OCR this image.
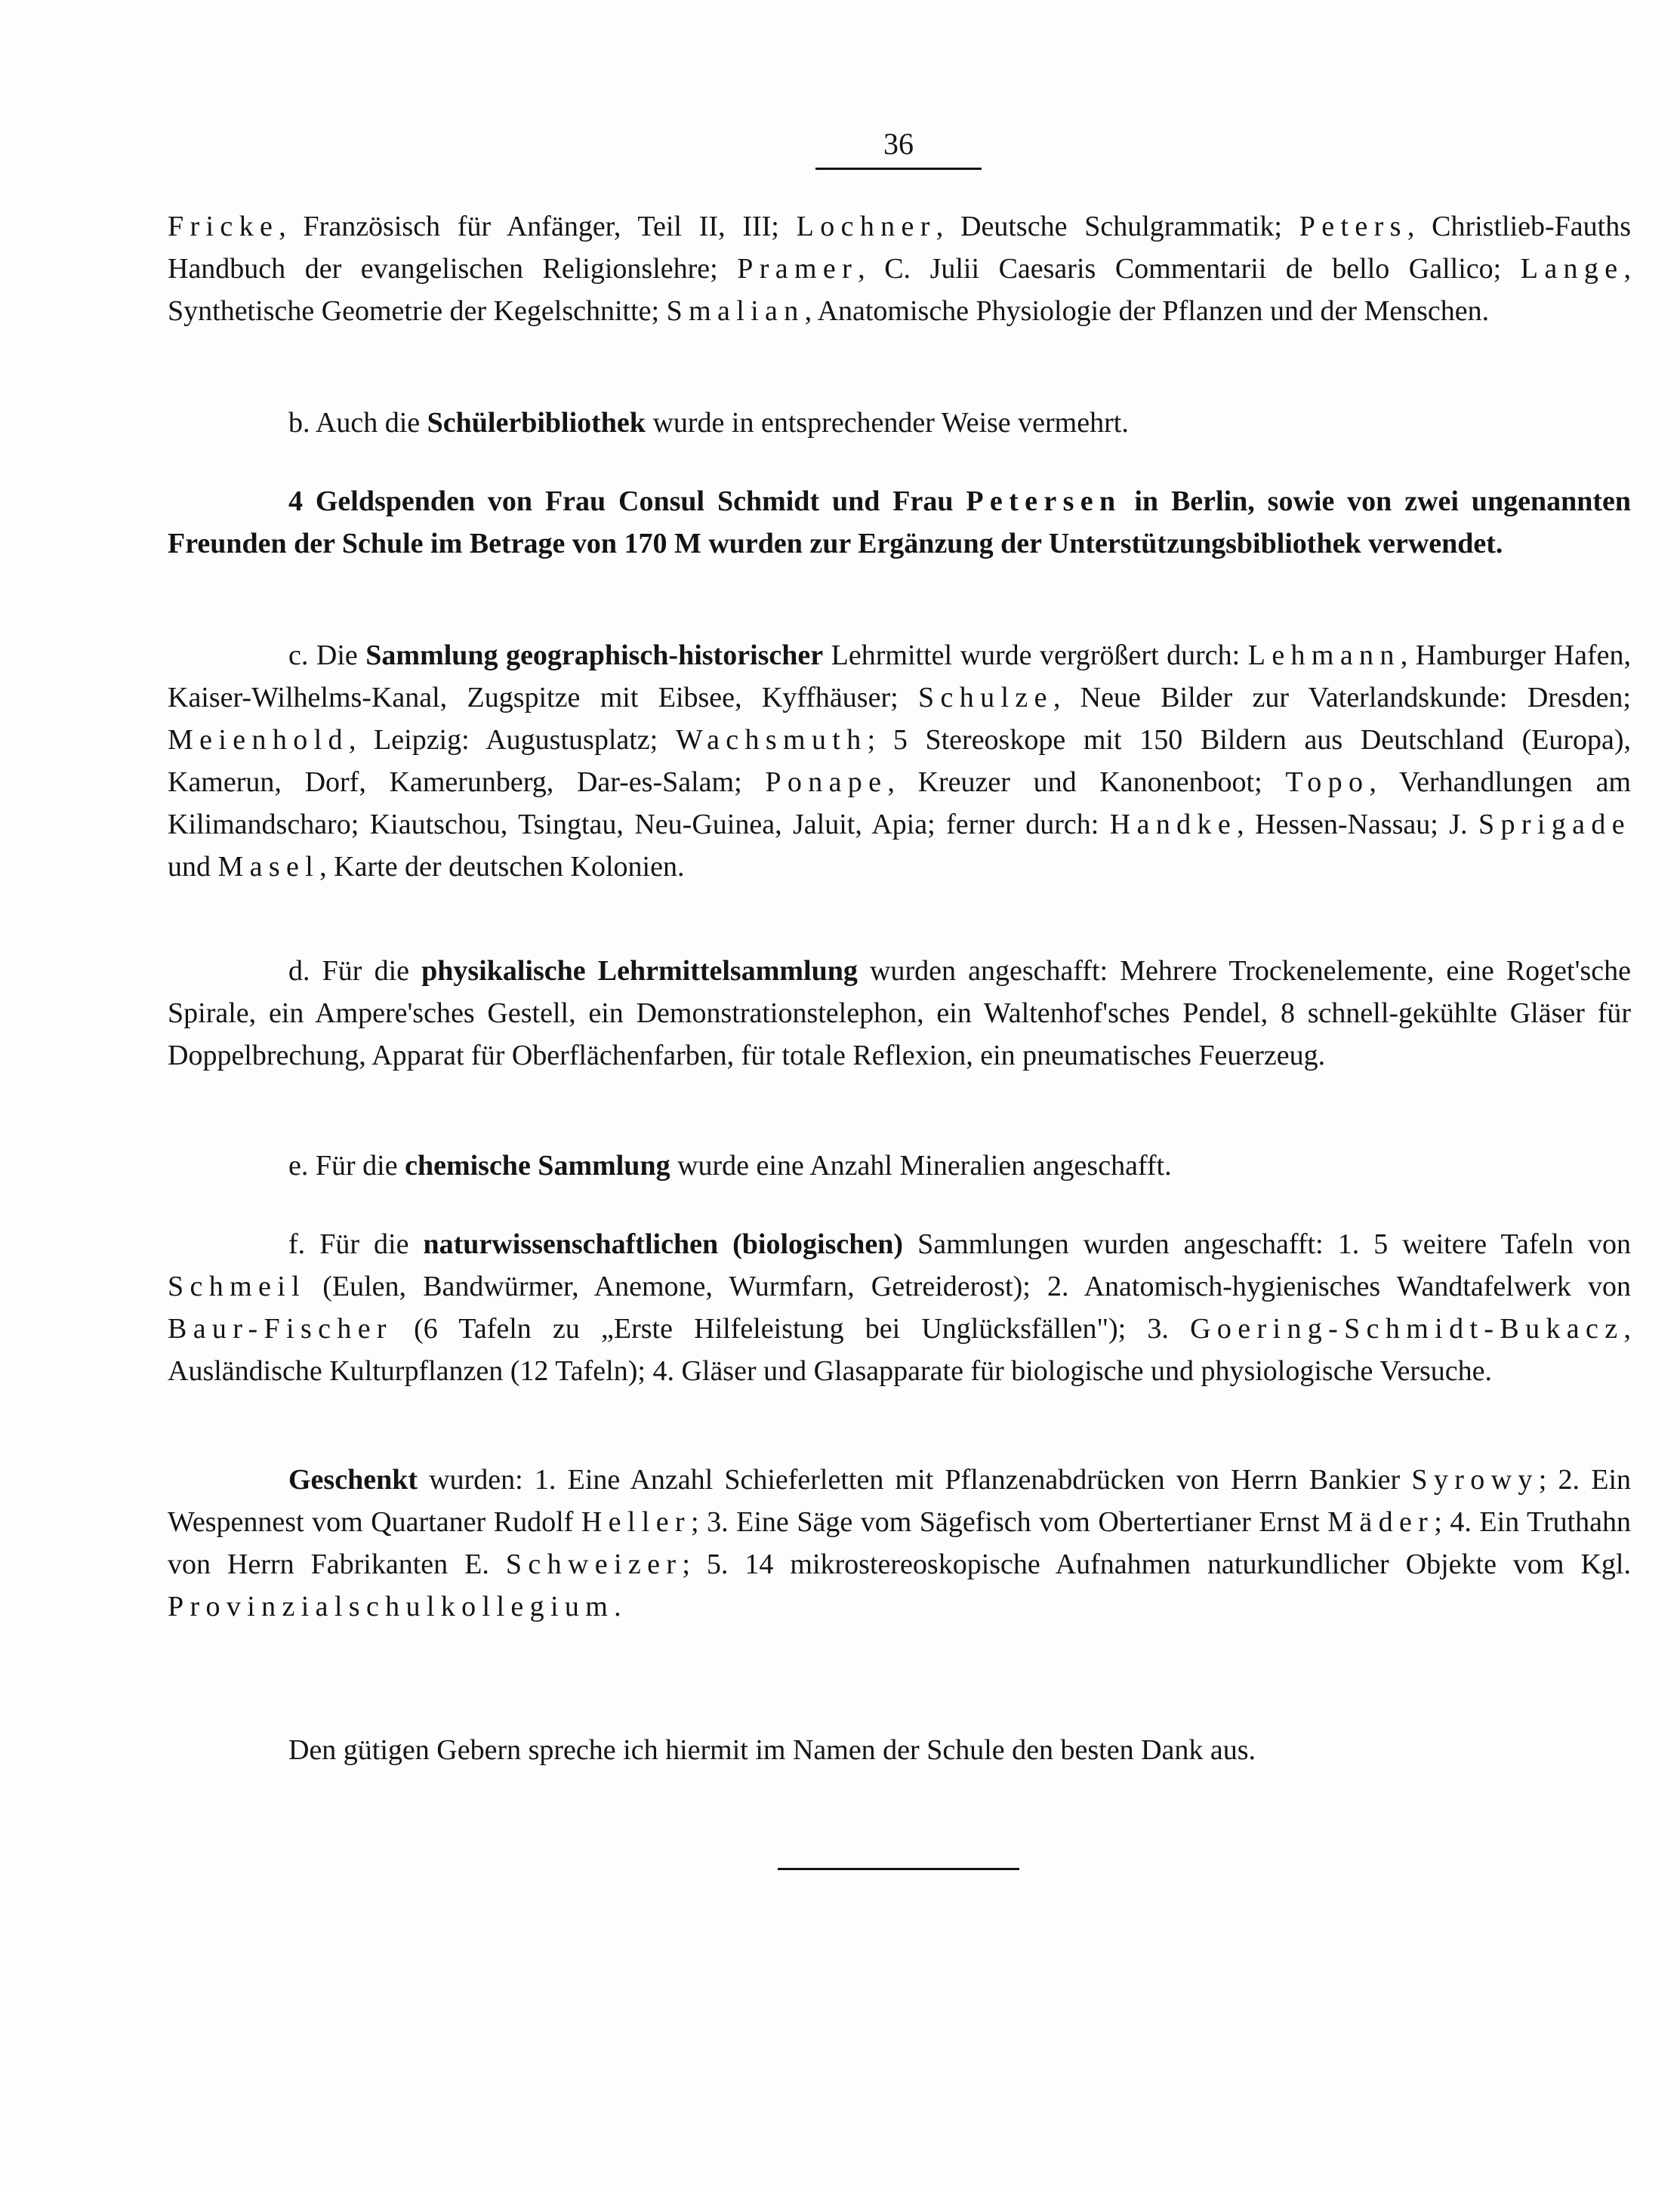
36

Fricke, Französisch für Anfänger, Teil II, III; Lochner, Deutsche Schulgrammatik; Peters, Christlieb-Fauths Handbuch der evangelischen Religionslehre; Pramer, C. Julii Caesaris Commentarii de bello Gallico; Lange, Synthetische Geometrie der Kegelschnitte; Smalian, Anatomische Physiologie der Pflanzen und der Menschen.

b. Auch die Schülerbibliothek wurde in entsprechender Weise vermehrt.

4 Geldspenden von Frau Consul Schmidt und Frau Petersen in Berlin, sowie von zwei ungenannten Freunden der Schule im Betrage von 170 M wurden zur Ergänzung der Unterstützungsbibliothek verwendet.

c. Die Sammlung geographisch-historischer Lehrmittel wurde vergrößert durch: Lehmann, Hamburger Hafen, Kaiser-Wilhelms-Kanal, Zugspitze mit Eibsee, Kyffhäuser; Schulze, Neue Bilder zur Vaterlandskunde: Dresden; Meienhold, Leipzig: Augustusplatz; Wachsmuth; 5 Stereoskope mit 150 Bildern aus Deutschland (Europa), Kamerun, Dorf, Kamerunberg, Dar-es-Salam; Ponape, Kreuzer und Kanonenboot; Topo, Verhandlungen am Kilimandscharo; Kiautschou, Tsingtau, Neu-Guinea, Jaluit, Apia; ferner durch: Handke, Hessen-Nassau; J. Sprigade und Masel, Karte der deutschen Kolonien.

d. Für die physikalische Lehrmittelsammlung wurden angeschafft: Mehrere Trockenelemente, eine Roget'sche Spirale, ein Ampere'sches Gestell, ein Demonstrationstelephon, ein Waltenhof'sches Pendel, 8 schnell-gekühlte Gläser für Doppelbrechung, Apparat für Oberflächenfarben, für totale Reflexion, ein pneumatisches Feuerzeug.

e. Für die chemische Sammlung wurde eine Anzahl Mineralien angeschafft.

f. Für die naturwissenschaftlichen (biologischen) Sammlungen wurden angeschafft: 1. 5 weitere Tafeln von Schmeil (Eulen, Bandwürmer, Anemone, Wurmfarn, Getreiderost); 2. Anatomisch-hygienisches Wandtafelwerk von Baur-Fischer (6 Tafeln zu „Erste Hilfeleistung bei Unglücksfällen"); 3. Goering-Schmidt-Bukacz, Ausländische Kulturpflanzen (12 Tafeln); 4. Gläser und Glasapparate für biologische und physiologische Versuche.

Geschenkt wurden: 1. Eine Anzahl Schieferletten mit Pflanzenabdrücken von Herrn Bankier Syrowy; 2. Ein Wespennest vom Quartaner Rudolf Heller; 3. Eine Säge vom Sägefisch vom Obertertianer Ernst Mäder; 4. Ein Truthahn von Herrn Fabrikanten E. Schweizer; 5. 14 mikrostereoskopische Aufnahmen naturkundlicher Objekte vom Kgl. Provinzialschulkollegium.

Den gütigen Gebern spreche ich hiermit im Namen der Schule den besten Dank aus.
